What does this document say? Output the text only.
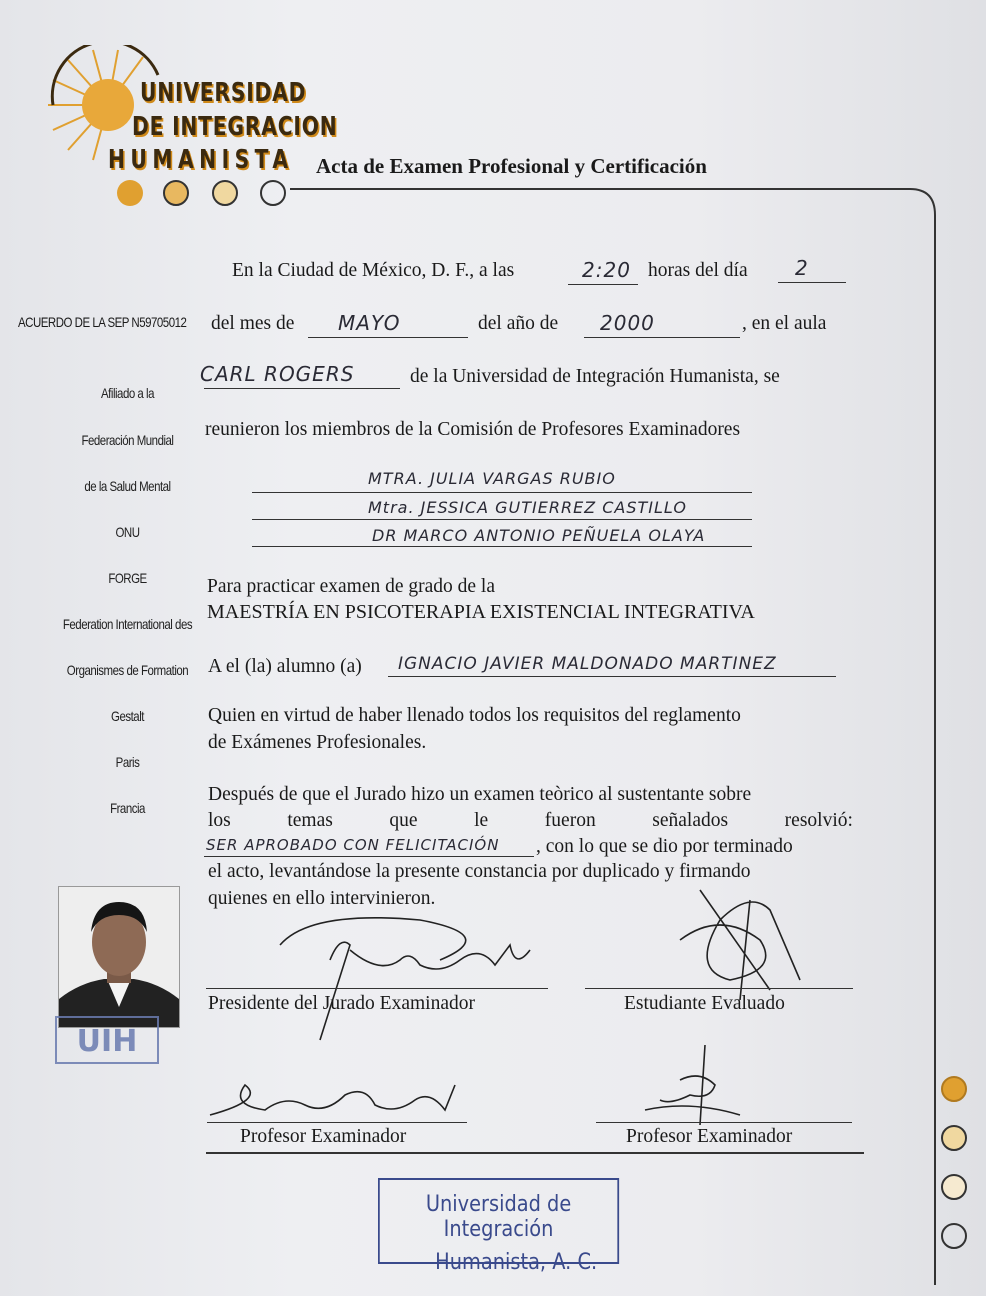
UNIVERSIDAD
DE INTEGRACION
HUMANISTA Acta de Examen Profesional y Certificación
ACUERDO DE LA SEP N59705012
Afiliado a la
Federación Mundial
de la Salud Mental
ONU
FORGE
Federation International des
Organismes de Formation
Gestalt
Paris
Francia
En la Ciudad de México, D. F., a las	2:20 horas del día 2
del mes de MAYO	del año de 2000	, en el aula
CARL ROGERS	de la Universidad de Integración Humanista, se
reunieron los miembros de la Comisión de Profesores Examinadores
MTRA. JULIA VARGAS RUBIO
Mtra. JESSICA GUTIERREZ CASTILLO
DR MARCO ANTONIO PEÑUELA OLAYA
Para practicar examen de grado de la
MAESTRÍA EN PSICOTERAPIA EXISTENCIAL INTEGRATIVA
A el (la) alumno (a) IGNACIO JAVIER MALDONADO MARTINEZ
Quien en virtud de haber llenado todos los requisitos del reglamento
de Exámenes Profesionales.
Después de que el Jurado hizo un examen teòrico al sustentante sobre
los	temas	que	le	fueron	señalados	resolvió:
SER APROBADO CON FELICITACIÓN , con lo que se dio por terminado
el acto, levantándose la presente constancia por duplicado y firmando
quienes en ello intervinieron.
UIH
Presidente del Jurado Examinador	Estudiante Evaluado
Profesor Examinador	Profesor Examinador
Universidad de Integración
Humanista, A. C.
